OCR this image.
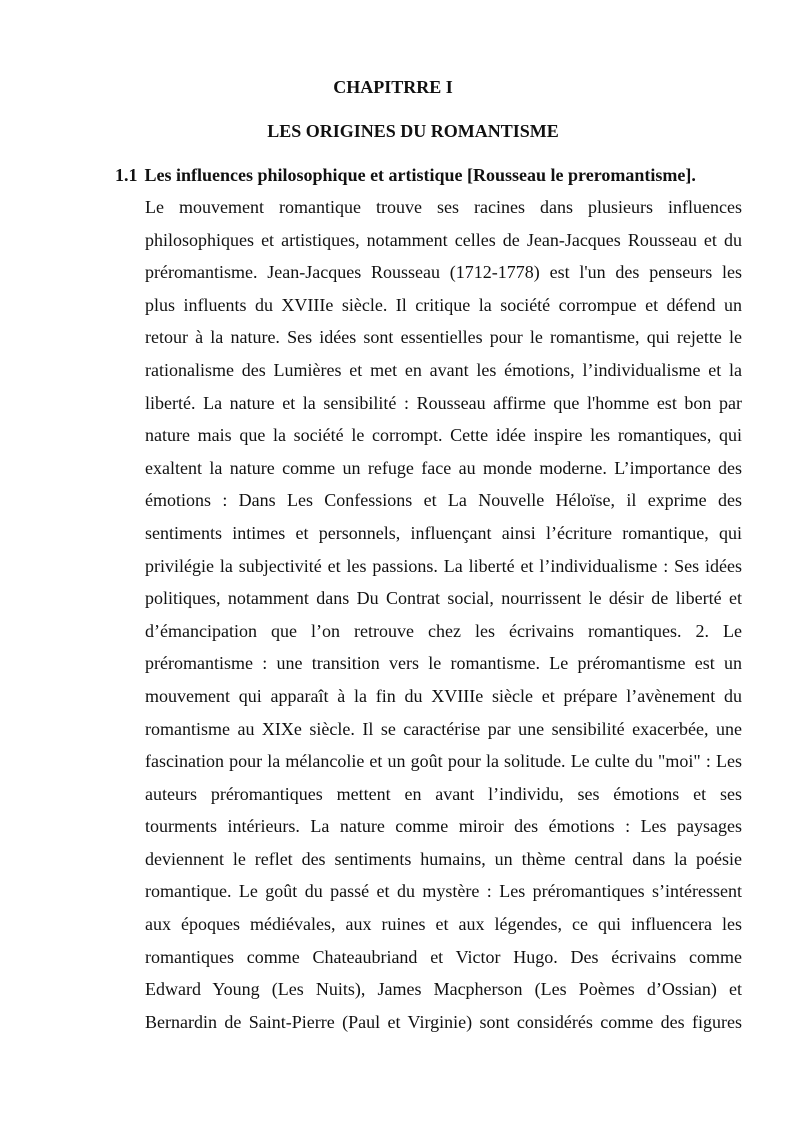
CHAPITRRE I
LES ORIGINES DU ROMANTISME
1.1 Les influences philosophique et artistique [Rousseau le preromantisme].
Le mouvement romantique trouve ses racines dans plusieurs influences
philosophiques et artistiques, notamment celles de Jean-Jacques Rousseau et du
préromantisme. Jean-Jacques Rousseau (1712-1778) est l'un des penseurs les
plus influents du XVIIIe siècle. Il critique la société corrompue et défend un
retour à la nature. Ses idées sont essentielles pour le romantisme, qui rejette le
rationalisme des Lumières et met en avant les émotions, l’individualisme et la
liberté. La nature et la sensibilité : Rousseau affirme que l'homme est bon par
nature mais que la société le corrompt. Cette idée inspire les romantiques, qui
exaltent la nature comme un refuge face au monde moderne. L’importance des
émotions : Dans Les Confessions et La Nouvelle Héloïse, il exprime des
sentiments intimes et personnels, influençant ainsi l’écriture romantique, qui
privilégie la subjectivité et les passions. La liberté et l’individualisme : Ses idées
politiques, notamment dans Du Contrat social, nourrissent le désir de liberté et
d’émancipation que l’on retrouve chez les écrivains romantiques. 2. Le
préromantisme : une transition vers le romantisme. Le préromantisme est un
mouvement qui apparaît à la fin du XVIIIe siècle et prépare l’avènement du
romantisme au XIXe siècle. Il se caractérise par une sensibilité exacerbée, une
fascination pour la mélancolie et un goût pour la solitude. Le culte du "moi" : Les
auteurs préromantiques mettent en avant l’individu, ses émotions et ses
tourments intérieurs. La nature comme miroir des émotions : Les paysages
deviennent le reflet des sentiments humains, un thème central dans la poésie
romantique. Le goût du passé et du mystère : Les préromantiques s’intéressent
aux époques médiévales, aux ruines et aux légendes, ce qui influencera les
romantiques comme Chateaubriand et Victor Hugo. Des écrivains comme
Edward Young (Les Nuits), James Macpherson (Les Poèmes d’Ossian) et
Bernardin de Saint-Pierre (Paul et Virginie) sont considérés comme des figures
